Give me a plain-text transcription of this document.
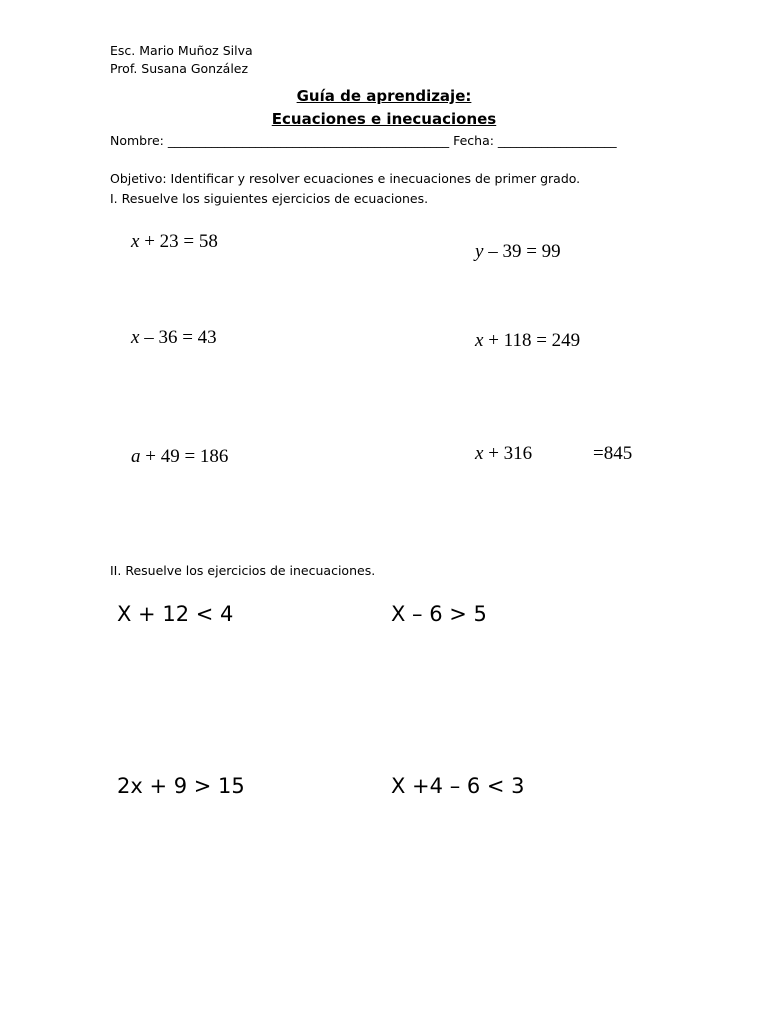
Esc. Mario Muñoz Silva
Prof. Susana González
Guía de aprendizaje:
Ecuaciones e inecuaciones
Nombre: _____________________________________________ Fecha: ___________________
Objetivo: Identificar y resolver ecuaciones e inecuaciones de primer grado.
I. Resuelve los siguientes ejercicios de ecuaciones.
x + 23 = 58	y – 39 = 99
x – 36 = 43	x + 118 = 249
a + 49 = 186	x + 316	=845
II. Resuelve los ejercicios de inecuaciones.
X + 12 < 4	X – 6 > 5
2x + 9 > 15	X +4 – 6 < 3
